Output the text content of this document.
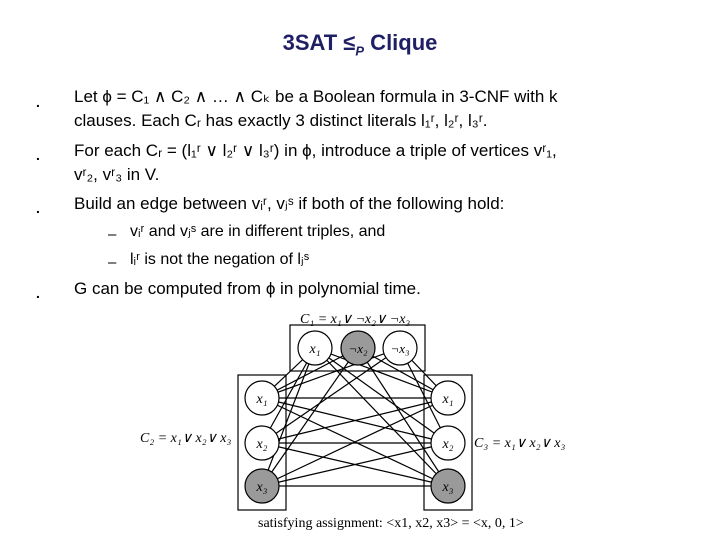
$3SAT \le_P$ Clique
. Let ϕ = C₁ ∧ C₂ ∧ … ∧ Cₖ be a Boolean formula in 3-CNF with k
clauses. Each Cᵣ has exactly 3 distinct literals l₁ʳ, l₂ʳ, l₃ʳ.
. For each Cᵣ = (l₁ʳ ∨ l₂ʳ ∨ l₃ʳ) in ϕ, introduce a triple of vertices vʳ₁,
vʳ₂, vʳ₃ in V.
. Build an edge between vᵢʳ, vⱼˢ if both of the following hold:
– vᵢʳ and vⱼˢ are in different triples, and
– lᵢʳ is not the negation of lⱼˢ
. G can be computed from ϕ in polynomial time.
x₁ ¬x₂ ¬x₃
x₁
x₂
x₃
x₁
x₂
x₃
C₁ = x₁∨ ¬x₂∨ ¬x₃
C₂ = x₁∨ x₂∨ x₃	C₃ = x₁∨ x₂∨ x₃
satisfying assignment: <x1, x2, x3> = <x, 0, 1>
